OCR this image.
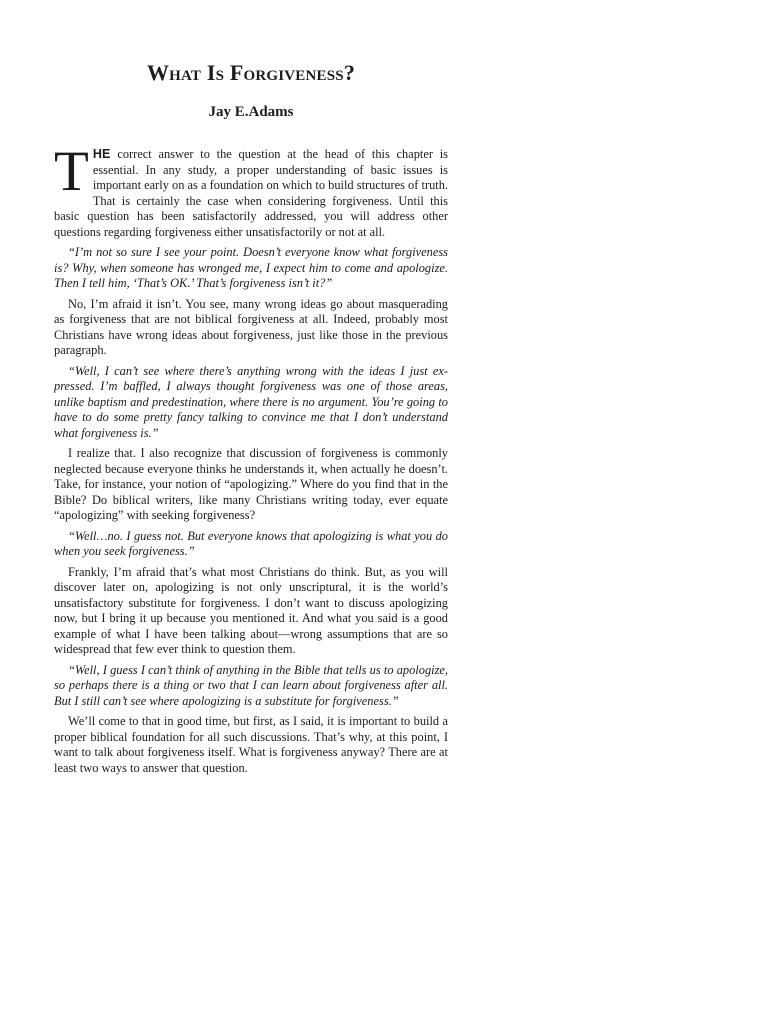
What Is Forgiveness?
Jay E.Adams

THE correct answer to the question at the head of this chapter is essential. In any study, a proper understanding of basic issues is important early on as a foundation on which to build structures of truth. That is certainly the case when considering forgiveness. Until this basic question has been satisfactorily addressed, you will address other questions regarding forgiveness either unsatisfactorily or not at all.

“I’m not so sure I see your point. Doesn’t everyone know what forgiveness is? Why, when someone has wronged me, I expect him to come and apologize. Then I tell him, ‘That’s OK.’ That’s forgiveness isn’t it?”

No, I’m afraid it isn’t. You see, many wrong ideas go about masquerading as forgiveness that are not biblical forgiveness at all. Indeed, probably most Christians have wrong ideas about forgiveness, just like those in the previous paragraph.

“Well, I can’t see where there’s anything wrong with the ideas I just expressed. I’m baffled, I always thought forgiveness was one of those areas, unlike baptism and predestination, where there is no argument. You’re going to have to do some pretty fancy talking to convince me that I don’t understand what forgiveness is.”

I realize that. I also recognize that discussion of forgiveness is commonly neglected because everyone thinks he understands it, when actually he doesn’t. Take, for instance, your notion of “apologizing.” Where do you find that in the Bible? Do biblical writers, like many Christians writing today, ever equate “apologizing” with seeking forgiveness?

“Well…no. I guess not. But everyone knows that apologizing is what you do when you seek forgiveness.”

Frankly, I’m afraid that’s what most Christians do think. But, as you will discover later on, apologizing is not only unscriptural, it is the world’s unsatisfactory substitute for forgiveness. I don’t want to discuss apologizing now, but I bring it up because you mentioned it. And what you said is a good example of what I have been talking about—wrong assumptions that are so widespread that few ever think to question them.

“Well, I guess I can’t think of anything in the Bible that tells us to apologize, so perhaps there is a thing or two that I can learn about forgiveness after all. But I still can’t see where apologizing is a substitute for forgiveness.”

We’ll come to that in good time, but first, as I said, it is important to build a proper biblical foundation for all such discussions. That’s why, at this point, I want to talk about forgiveness itself. What is forgiveness anyway? There are at least two ways to answer that question.
